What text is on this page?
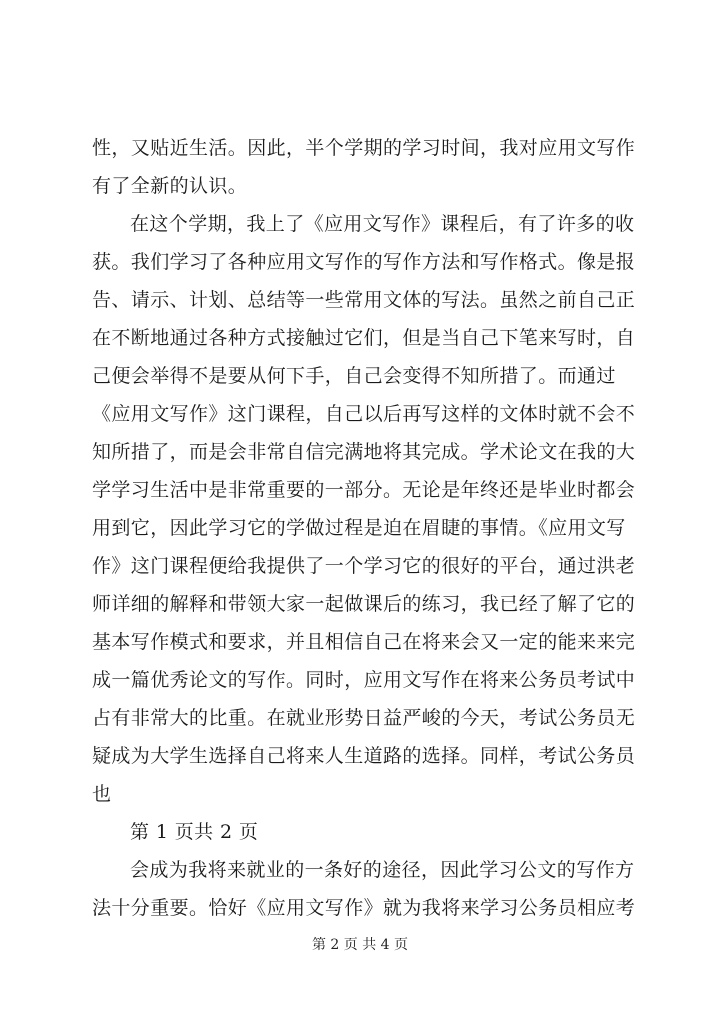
性，又贴近生活。因此，半个学期的学习时间，我对应用文写作
有了全新的认识。
在这个学期，我上了《应用文写作》课程后，有了许多的收
获。我们学习了各种应用文写作的写作方法和写作格式。像是报
告、请示、计划、总结等一些常用文体的写法。虽然之前自己正
在不断地通过各种方式接触过它们，但是当自己下笔来写时，自
己便会举得不是要从何下手，自己会变得不知所措了。而通过
《应用文写作》这门课程，自己以后再写这样的文体时就不会不
知所措了，而是会非常自信完满地将其完成。学术论文在我的大
学学习生活中是非常重要的一部分。无论是年终还是毕业时都会
用到它，因此学习它的学做过程是迫在眉睫的事情。《应用文写
作》这门课程便给我提供了一个学习它的很好的平台，通过洪老
师详细的解释和带领大家一起做课后的练习，我已经了解了它的
基本写作模式和要求，并且相信自己在将来会又一定的能来来完
成一篇优秀论文的写作。同时，应用文写作在将来公务员考试中
占有非常大的比重。在就业形势日益严峻的今天，考试公务员无
疑成为大学生选择自己将来人生道路的选择。同样，考试公务员
也
第 1 页共 2 页
会成为我将来就业的一条好的途径，因此学习公文的写作方
法十分重要。恰好《应用文写作》就为我将来学习公务员相应考
第 2 页 共 4 页
